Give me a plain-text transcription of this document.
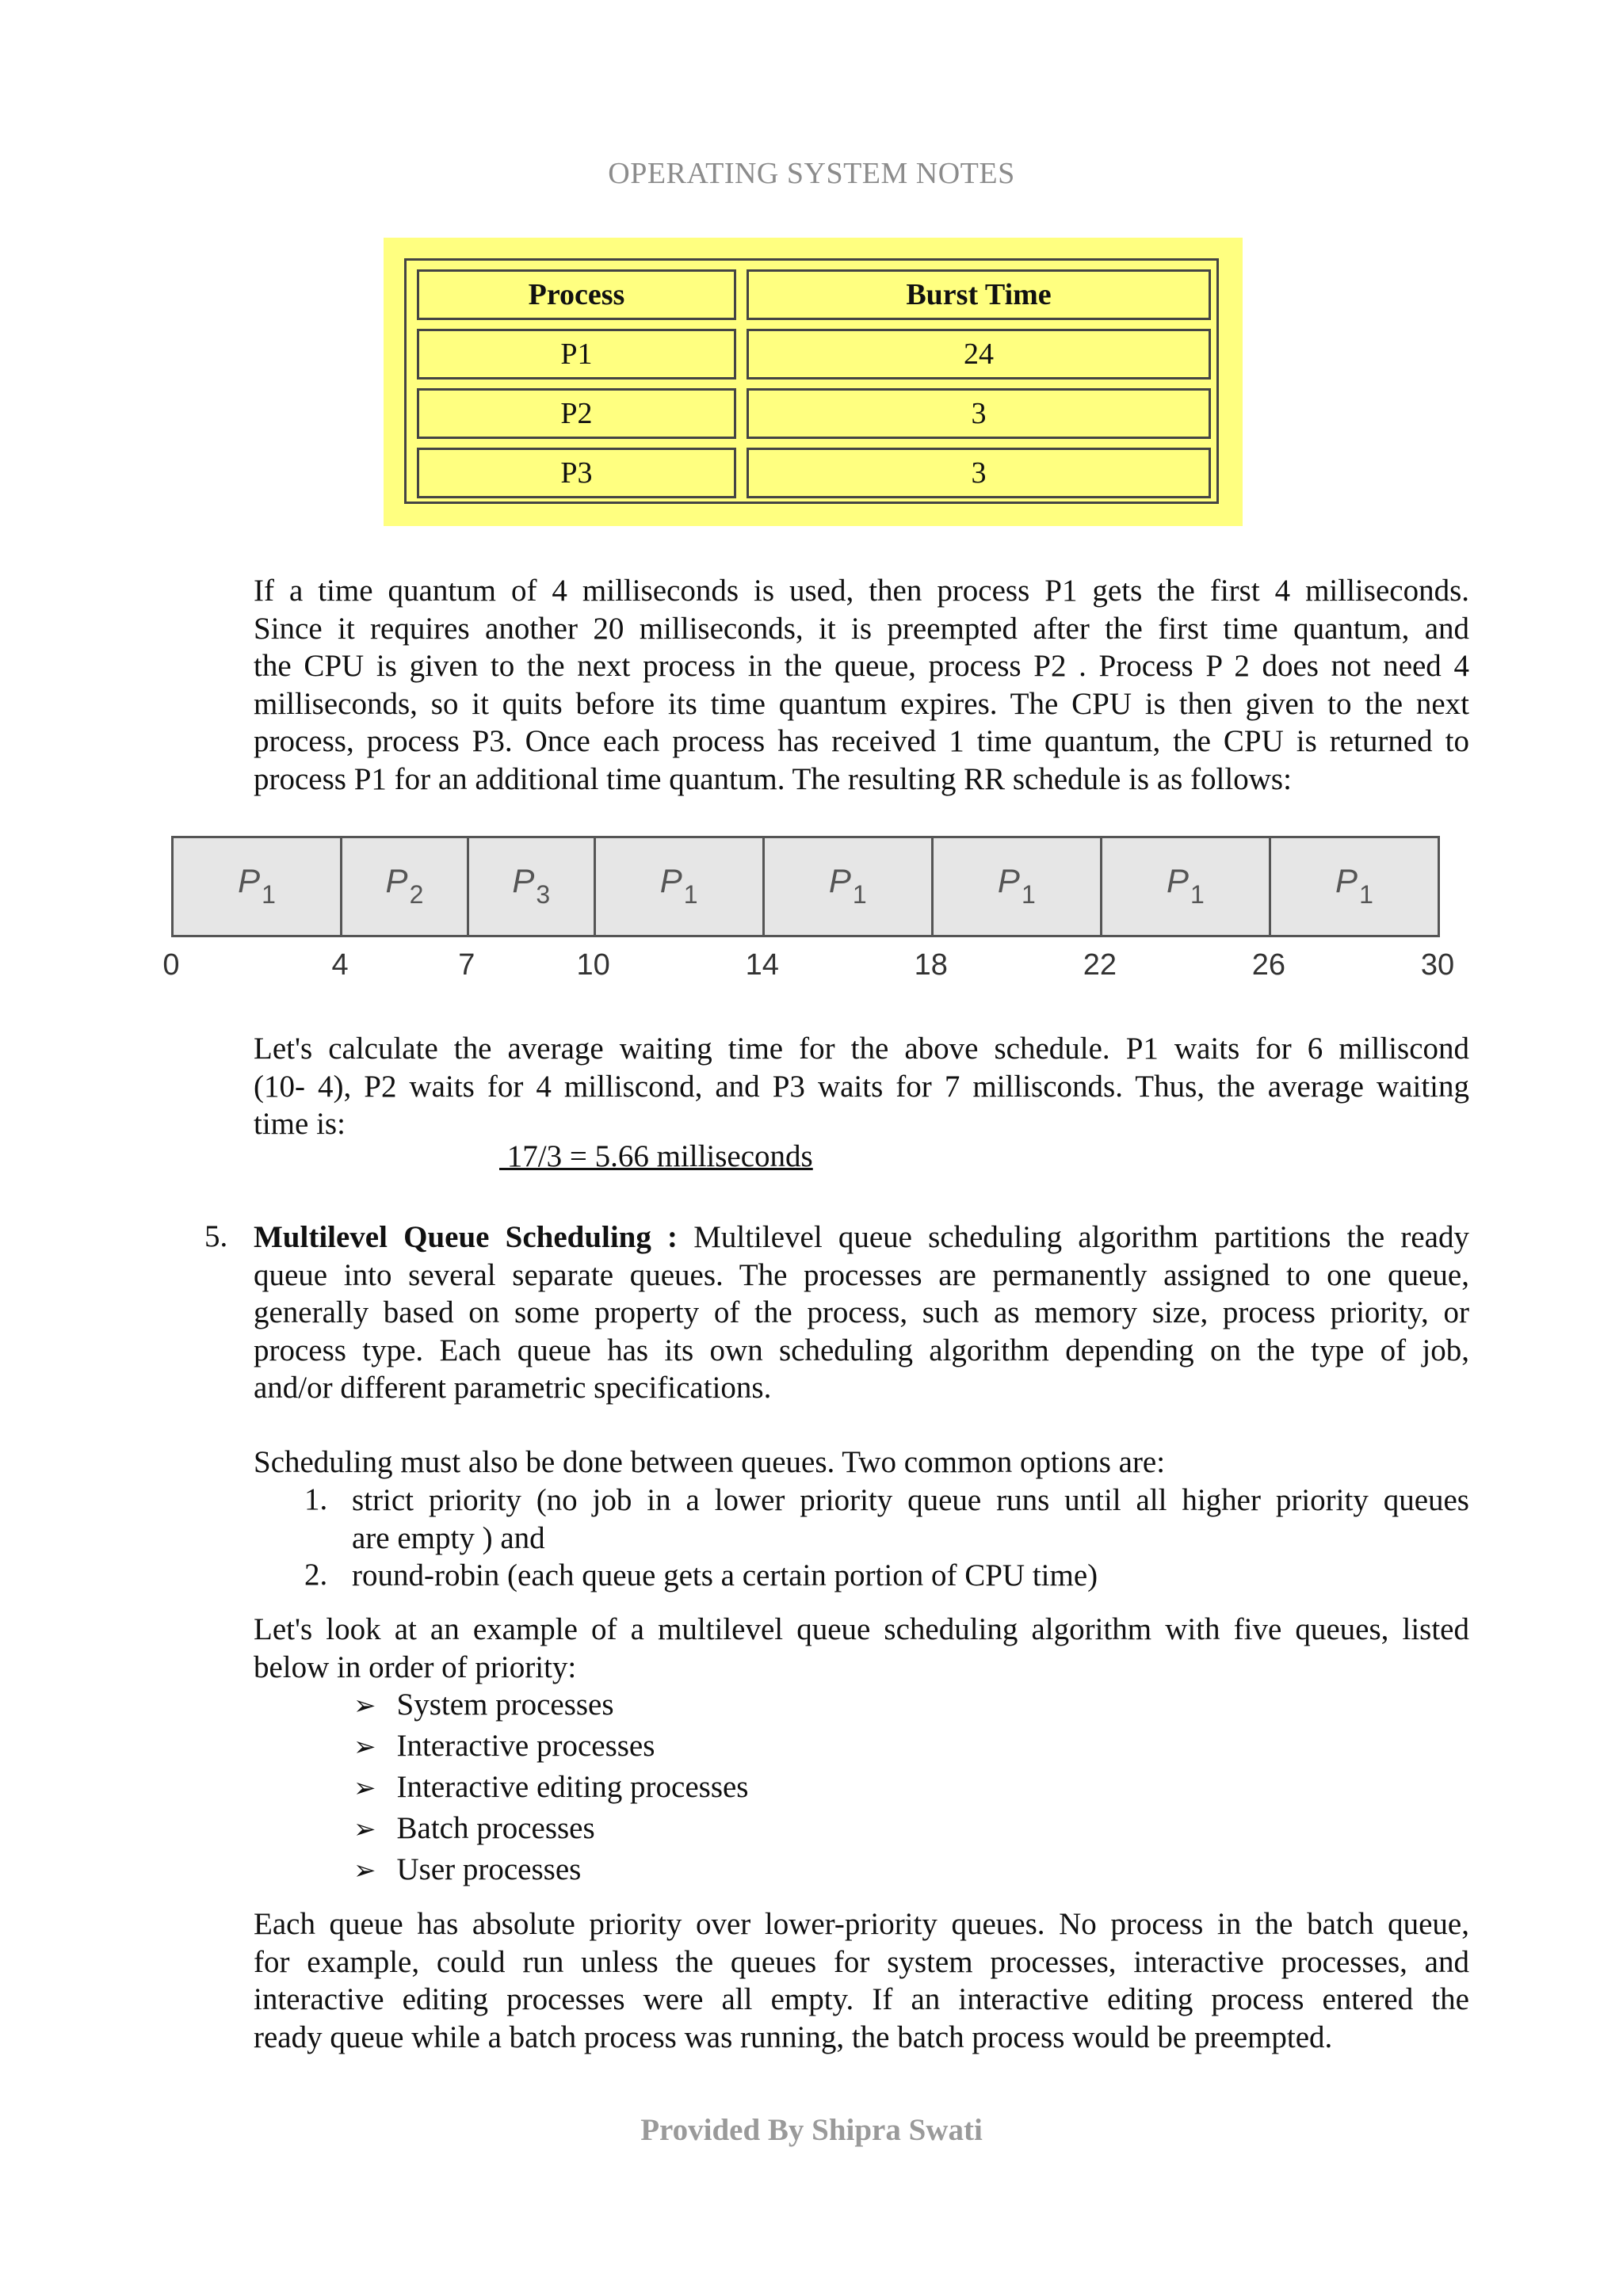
OPERATING SYSTEM NOTES
Process	Burst Time
P1	24
P2	3
P3	3
If a time quantum of 4 milliseconds is used, then process P1 gets the first 4 milliseconds.
Since it requires another 20 milliseconds, it is preempted after the first time quantum, and
the CPU is given to the next process in the queue, process P2 . Process P 2 does not need 4
milliseconds, so it quits before its time quantum expires. The CPU is then given to the next
process, process P3. Once each process has received 1 time quantum, the CPU is returned to
process P1 for an additional time quantum. The resulting RR schedule is as follows:
$P_1$	$P_2$	$P_3$	$P_1$	$P_1$	$P_1$	$P_1$	$P_1$
0	4	7	10	14	18	22	26	30
Let's calculate the average waiting time for the above schedule. P1 waits for 6 milliscond
(10- 4), P2 waits for 4 milliscond, and P3 waits for 7 millisconds. Thus, the average waiting
time is:
17/3 = 5.66 milliseconds
5. Multilevel Queue Scheduling : Multilevel queue scheduling algorithm partitions the ready
queue into several separate queues. The processes are permanently assigned to one queue,
generally based on some property of the process, such as memory size, process priority, or
process type. Each queue has its own scheduling algorithm depending on the type of job,
and/or different parametric specifications.
Scheduling must also be done between queues. Two common options are:
1. strict priority (no job in a lower priority queue runs until all higher priority queues
are empty ) and
2. round-robin (each queue gets a certain portion of CPU time)
Let's look at an example of a multilevel queue scheduling algorithm with five queues, listed
below in order of priority:
➢ System processes
➢ Interactive processes
➢ Interactive editing processes
➢ Batch processes
➢ User processes
Each queue has absolute priority over lower-priority queues. No process in the batch queue,
for example, could run unless the queues for system processes, interactive processes, and
interactive editing processes were all empty. If an interactive editing process entered the
ready queue while a batch process was running, the batch process would be preempted.
Provided By Shipra Swati
